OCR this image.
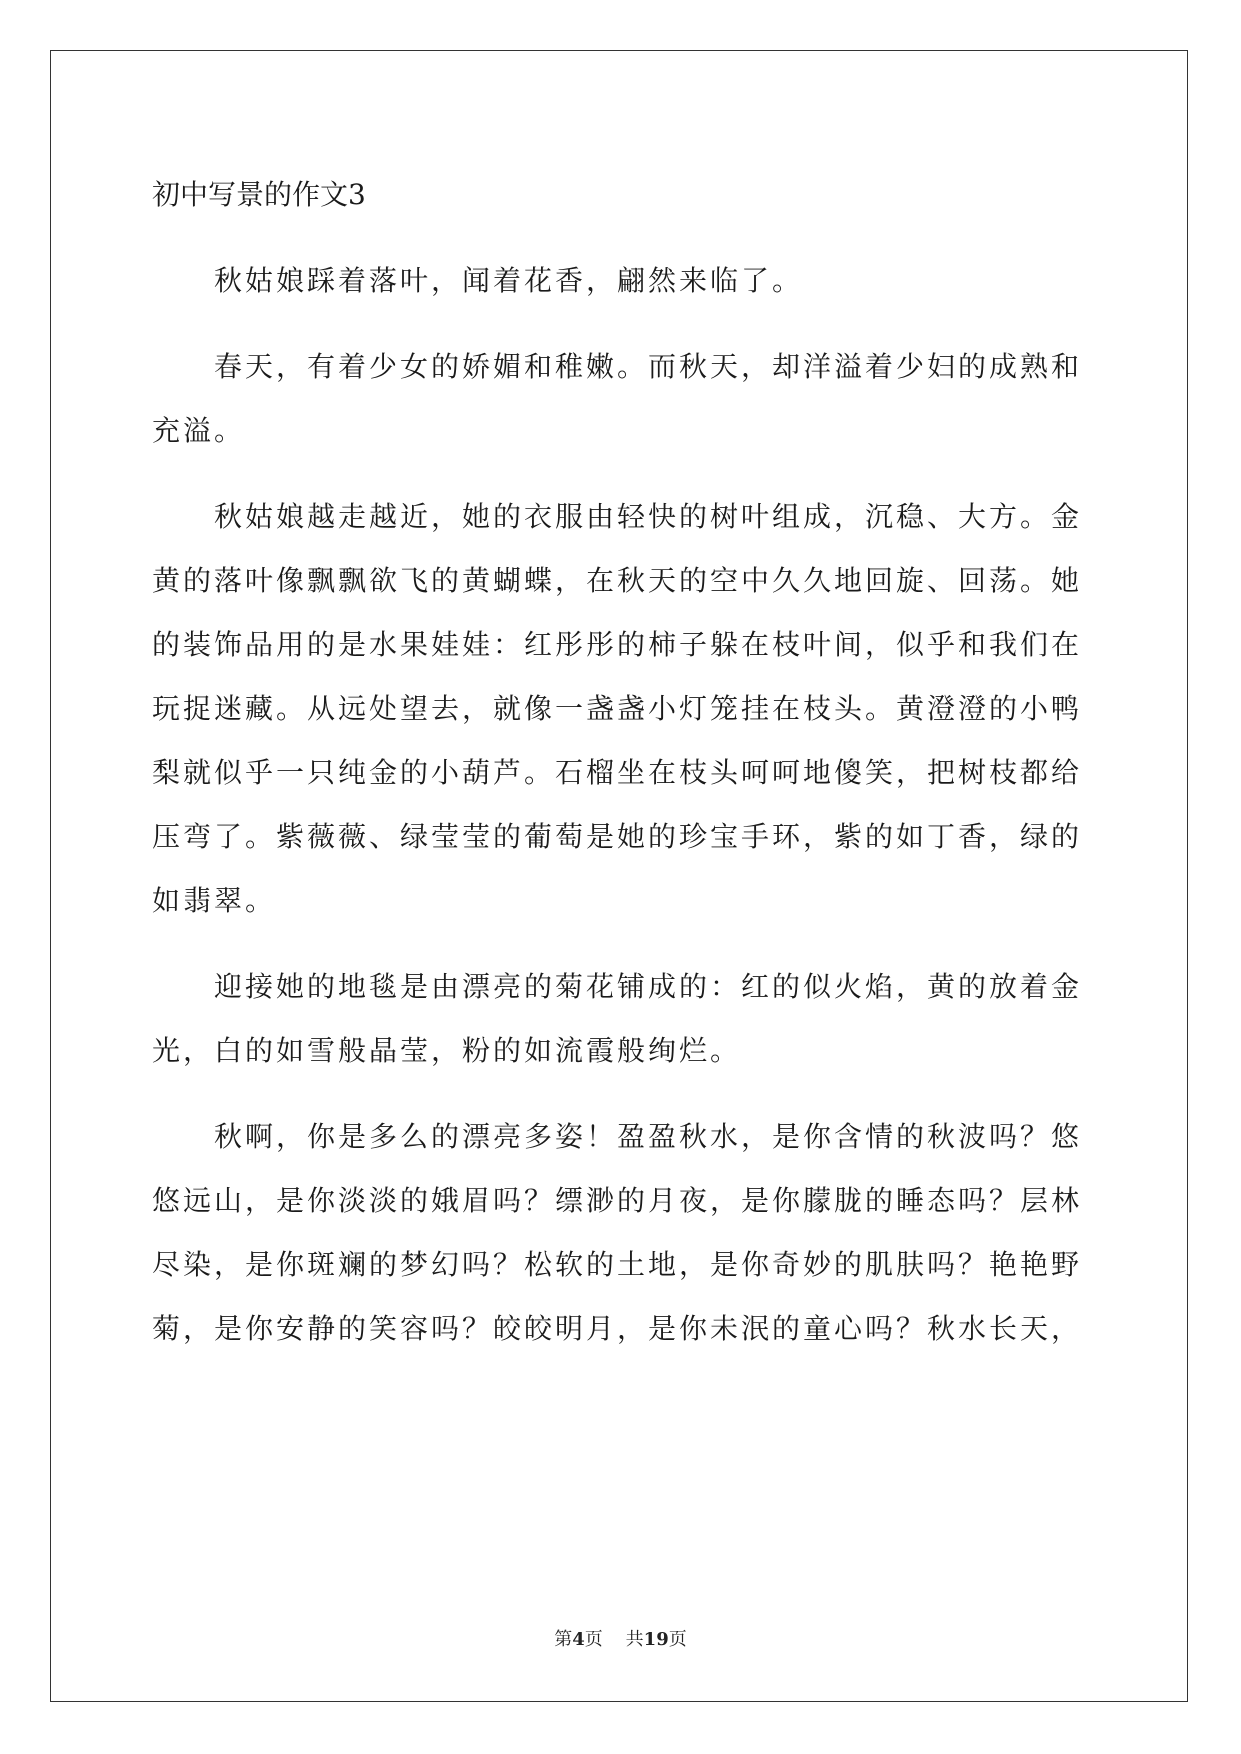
初中写景的作文3

秋姑娘踩着落叶，闻着花香，翩然来临了。

春天，有着少女的娇媚和稚嫩。而秋天，却洋溢着少妇的成熟和
充溢。

秋姑娘越走越近，她的衣服由轻快的树叶组成，沉稳、大方。金
黄的落叶像飘飘欲飞的黄蝴蝶，在秋天的空中久久地回旋、回荡。她
的装饰品用的是水果娃娃：红彤彤的柿子躲在枝叶间，似乎和我们在
玩捉迷藏。从远处望去，就像一盏盏小灯笼挂在枝头。黄澄澄的小鸭
梨就似乎一只纯金的小葫芦。石榴坐在枝头呵呵地傻笑，把树枝都给
压弯了。紫薇薇、绿莹莹的葡萄是她的珍宝手环，紫的如丁香，绿的
如翡翠。

迎接她的地毯是由漂亮的菊花铺成的：红的似火焰，黄的放着金
光，白的如雪般晶莹，粉的如流霞般绚烂。

秋啊，你是多么的漂亮多姿！盈盈秋水，是你含情的秋波吗？悠
悠远山，是你淡淡的娥眉吗？缥渺的月夜，是你朦胧的睡态吗？层林
尽染，是你斑斓的梦幻吗？松软的土地，是你奇妙的肌肤吗？艳艳野
菊，是你安静的笑容吗？皎皎明月，是你未泯的童心吗？秋水长天，

第4页 共19页
